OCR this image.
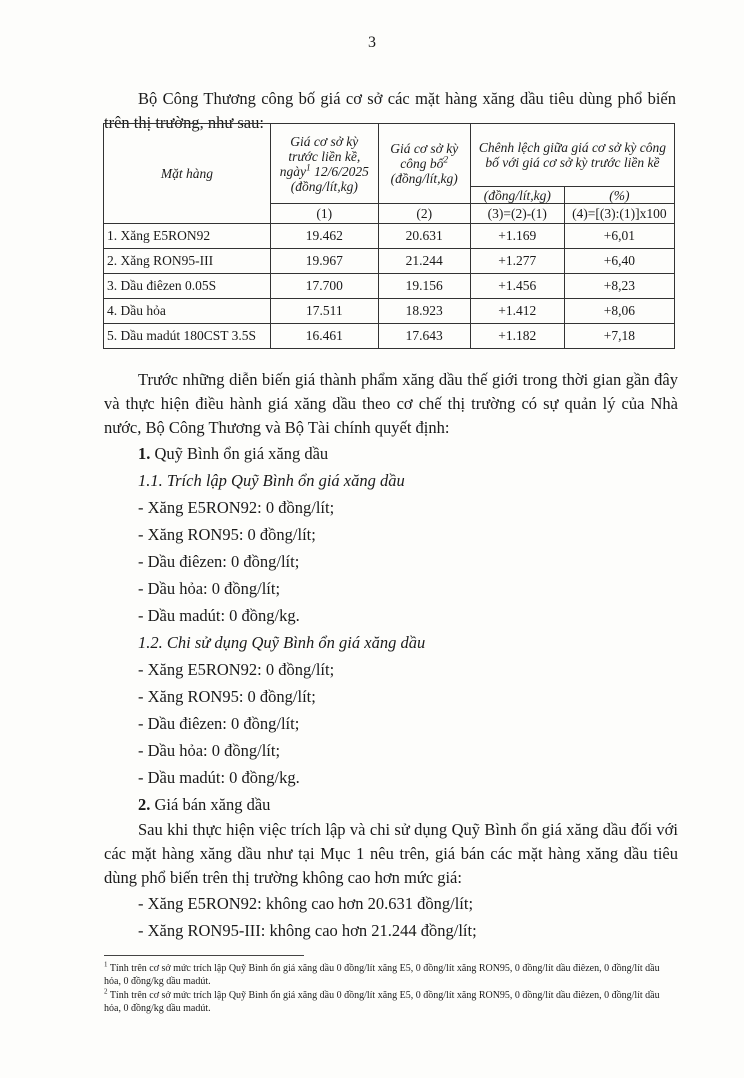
3

Bộ Công Thương công bố giá cơ sở các mặt hàng xăng dầu tiêu dùng phổ biến trên thị trường, như sau:

Mặt hàng	Giá cơ sở kỳ trước liền kề, ngày$^1$ 12/6/2025 (đồng/lít,kg)	Giá cơ sở kỳ công bố$^2$ (đồng/lít,kg)	Chênh lệch giữa giá cơ sở kỳ công bố với giá cơ sở kỳ trước liền kề	
			(đồng/lít,kg)	(%)
	(1)	(2)	(3)=(2)-(1)	(4)=[(3):(1)]x100
1. Xăng E5RON92	19.462	20.631	+1.169	+6,01
2. Xăng RON95-III	19.967	21.244	+1.277	+6,40
3. Dầu điêzen 0.05S	17.700	19.156	+1.456	+8,23
4. Dầu hỏa	17.511	18.923	+1.412	+8,06
5. Dầu madút 180CST 3.5S	16.461	17.643	+1.182	+7,18

Trước những diễn biến giá thành phẩm xăng dầu thế giới trong thời gian gần đây và thực hiện điều hành giá xăng dầu theo cơ chế thị trường có sự quản lý của Nhà nước, Bộ Công Thương và Bộ Tài chính quyết định:

1. Quỹ Bình ổn giá xăng dầu

1.1. Trích lập Quỹ Bình ổn giá xăng dầu

- Xăng E5RON92: 0 đồng/lít;

- Xăng RON95: 0 đồng/lít;

- Dầu điêzen: 0 đồng/lít;

- Dầu hỏa: 0 đồng/lít;

- Dầu madút: 0 đồng/kg.

1.2. Chi sử dụng Quỹ Bình ổn giá xăng dầu

- Xăng E5RON92: 0 đồng/lít;

- Xăng RON95: 0 đồng/lít;

- Dầu điêzen: 0 đồng/lít;

- Dầu hỏa: 0 đồng/lít;

- Dầu madút: 0 đồng/kg.

2. Giá bán xăng dầu

Sau khi thực hiện việc trích lập và chi sử dụng Quỹ Bình ổn giá xăng dầu đối với các mặt hàng xăng dầu như tại Mục 1 nêu trên, giá bán các mặt hàng xăng dầu tiêu dùng phổ biến trên thị trường không cao hơn mức giá:

- Xăng E5RON92: không cao hơn 20.631 đồng/lít;

- Xăng RON95-III: không cao hơn 21.244 đồng/lít;

$^1$ Tính trên cơ sở mức trích lập Quỹ Bình ổn giá xăng dầu 0 đồng/lít xăng E5, 0 đồng/lít xăng RON95, 0 đồng/lít dầu điêzen, 0 đồng/lít dầu hỏa, 0 đồng/kg dầu madút.

$^2$ Tính trên cơ sở mức trích lập Quỹ Bình ổn giá xăng dầu 0 đồng/lít xăng E5, 0 đồng/lít xăng RON95, 0 đồng/lít dầu điêzen, 0 đồng/lít dầu hỏa, 0 đồng/kg dầu madút.
